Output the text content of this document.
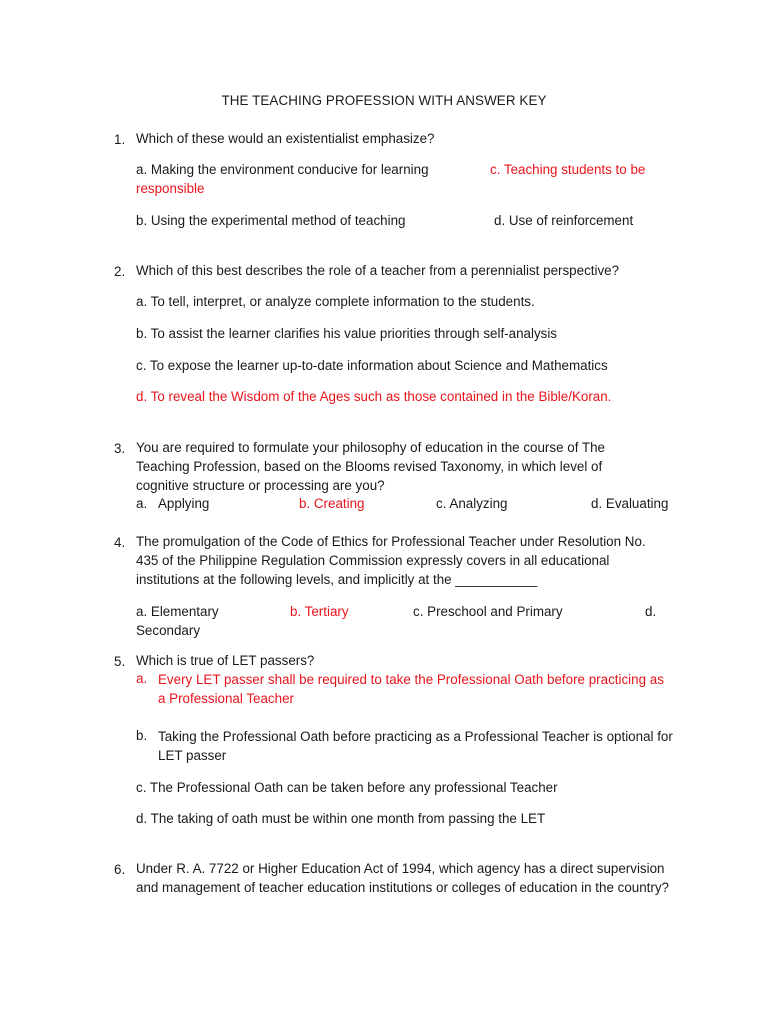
THE TEACHING PROFESSION WITH ANSWER KEY
1. Which of these would an existentialist emphasize?
a. Making the environment conducive for learning	c. Teaching students to be
responsible
b. Using the experimental method of teaching	d. Use of reinforcement
2. Which of this best describes the role of a teacher from a perennialist perspective?
a. To tell, interpret, or analyze complete information to the students.
b. To assist the learner clarifies his value priorities through self-analysis
c. To expose the learner up-to-date information about Science and Mathematics
d. To reveal the Wisdom of the Ages such as those contained in the Bible/Koran.
3. You are required to formulate your philosophy of education in the course of The Teaching Profession, based on the Blooms revised Taxonomy, in which level of cognitive structure or processing are you?
a. Applying	b. Creating	c. Analyzing	d. Evaluating
4. The promulgation of the Code of Ethics for Professional Teacher under Resolution No. 435 of the Philippine Regulation Commission expressly covers in all educational institutions at the following levels, and implicitly at the ___________
a. Elementary	b. Tertiary	c. Preschool and Primary	d.
Secondary
5. Which is true of LET passers?
a. Every LET passer shall be required to take the Professional Oath before practicing as a Professional Teacher
b. Taking the Professional Oath before practicing as a Professional Teacher is optional for LET passer
c. The Professional Oath can be taken before any professional Teacher
d. The taking of oath must be within one month from passing the LET
6. Under R. A. 7722 or Higher Education Act of 1994, which agency has a direct supervision and management of teacher education institutions or colleges of education in the country?
